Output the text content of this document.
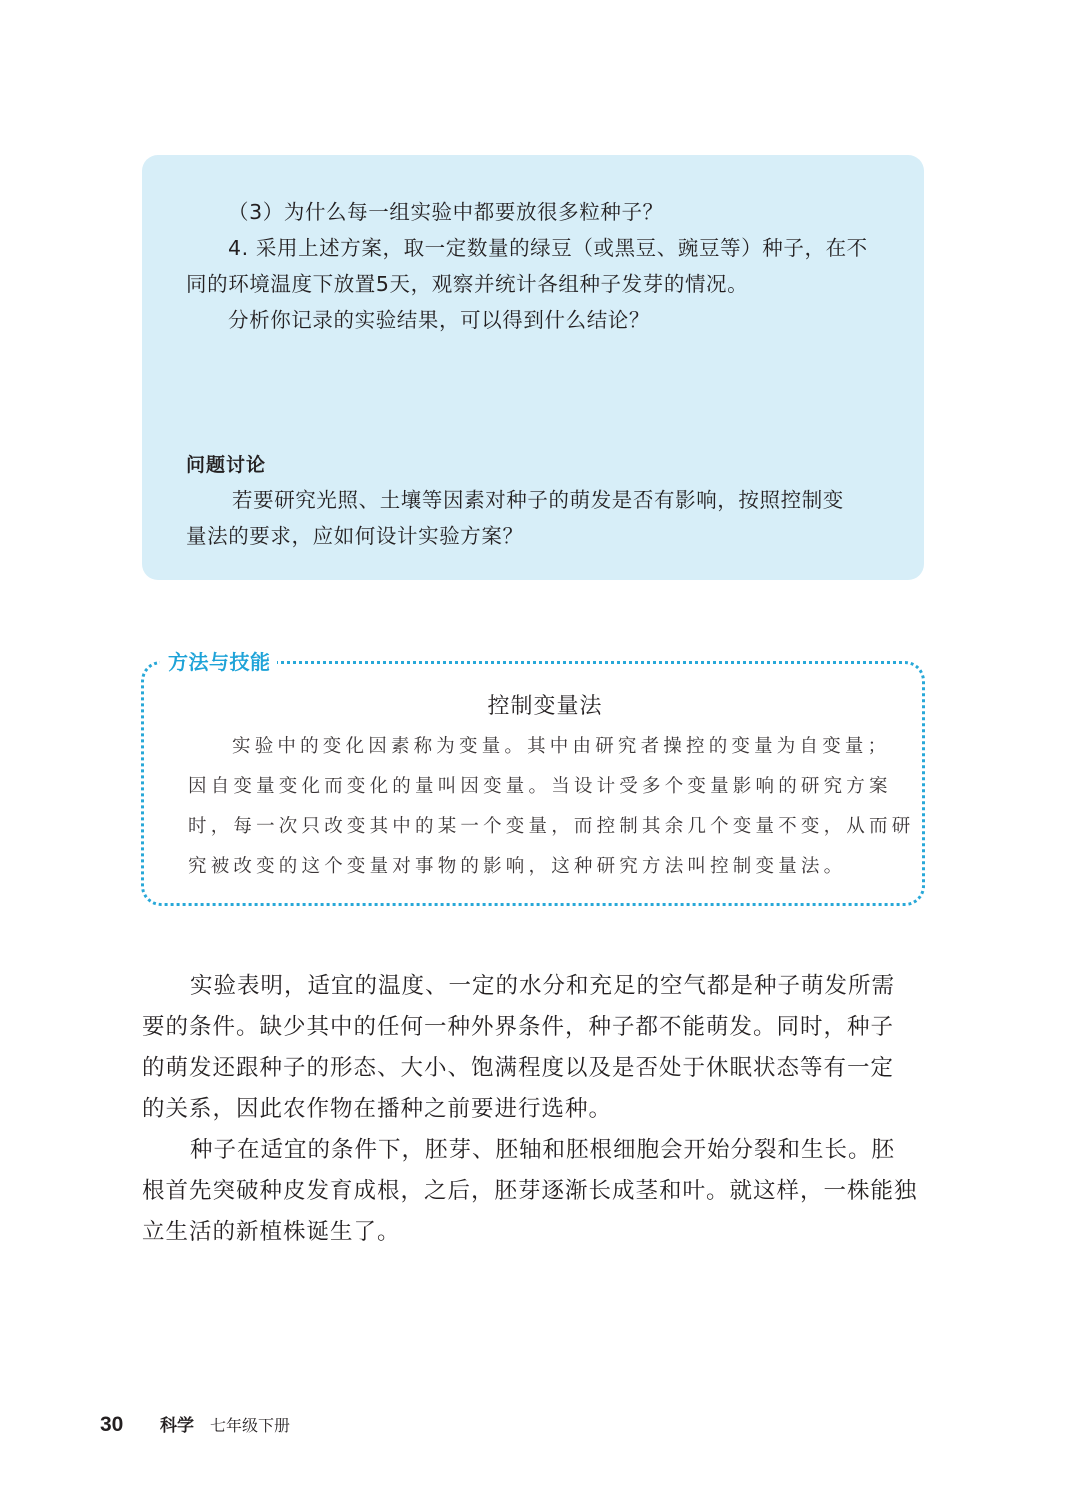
（3）为什么每一组实验中都要放很多粒种子？
4. 采用上述方案，取一定数量的绿豆（或黑豆、豌豆等）种子，在不
同的环境温度下放置5天，观察并统计各组种子发芽的情况。
分析你记录的实验结果，可以得到什么结论？
问题讨论
若要研究光照、土壤等因素对种子的萌发是否有影响，按照控制变
量法的要求，应如何设计实验方案？
方法与技能
控制变量法
实验中的变化因素称为变量。其中由研究者操控的变量为自变量；
因自变量变化而变化的量叫因变量。当设计受多个变量影响的研究方案
时，每一次只改变其中的某一个变量，而控制其余几个变量不变，从而研
究被改变的这个变量对事物的影响，这种研究方法叫控制变量法。
实验表明，适宜的温度、一定的水分和充足的空气都是种子萌发所需
要的条件。缺少其中的任何一种外界条件，种子都不能萌发。同时，种子
的萌发还跟种子的形态、大小、饱满程度以及是否处于休眠状态等有一定
的关系，因此农作物在播种之前要进行选种。
种子在适宜的条件下，胚芽、胚轴和胚根细胞会开始分裂和生长。胚
根首先突破种皮发育成根，之后，胚芽逐渐长成茎和叶。就这样，一株能独
立生活的新植株诞生了。
30 科学 七年级下册
